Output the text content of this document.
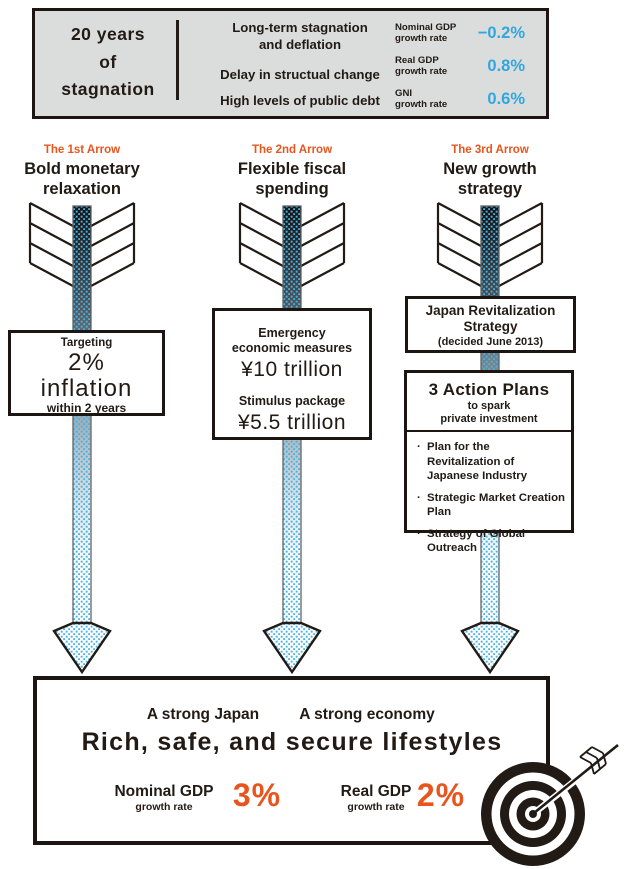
20 years
of
stagnation
Long-term stagnation
and deflation
Delay in structual change
High levels of public debt
Nominal GDP
growth rate	−0.2%
Real GDP
growth rate	0.8%
GNI
growth rate	0.6%
The 1st Arrow
Bold monetary
relaxation
The 2nd Arrow
Flexible fiscal
spending
The 3rd Arrow
New growth
strategy
Targeting
2%
inflation
within 2 years
Emergency
economic measures
¥10 trillion
Stimulus package
¥5.5 trillion
Japan Revitalization
Strategy
(decided June 2013)
3 Action Plans
to spark
private investment
· Plan for the Revitalization of Japanese Industry
· Strategic Market Creation Plan
· Strategy of Global Outreach
A strong Japan	A strong economy
Rich, safe, and secure lifestyles
Nominal GDP
growth rate	3%	Real GDP
growth rate 2%
